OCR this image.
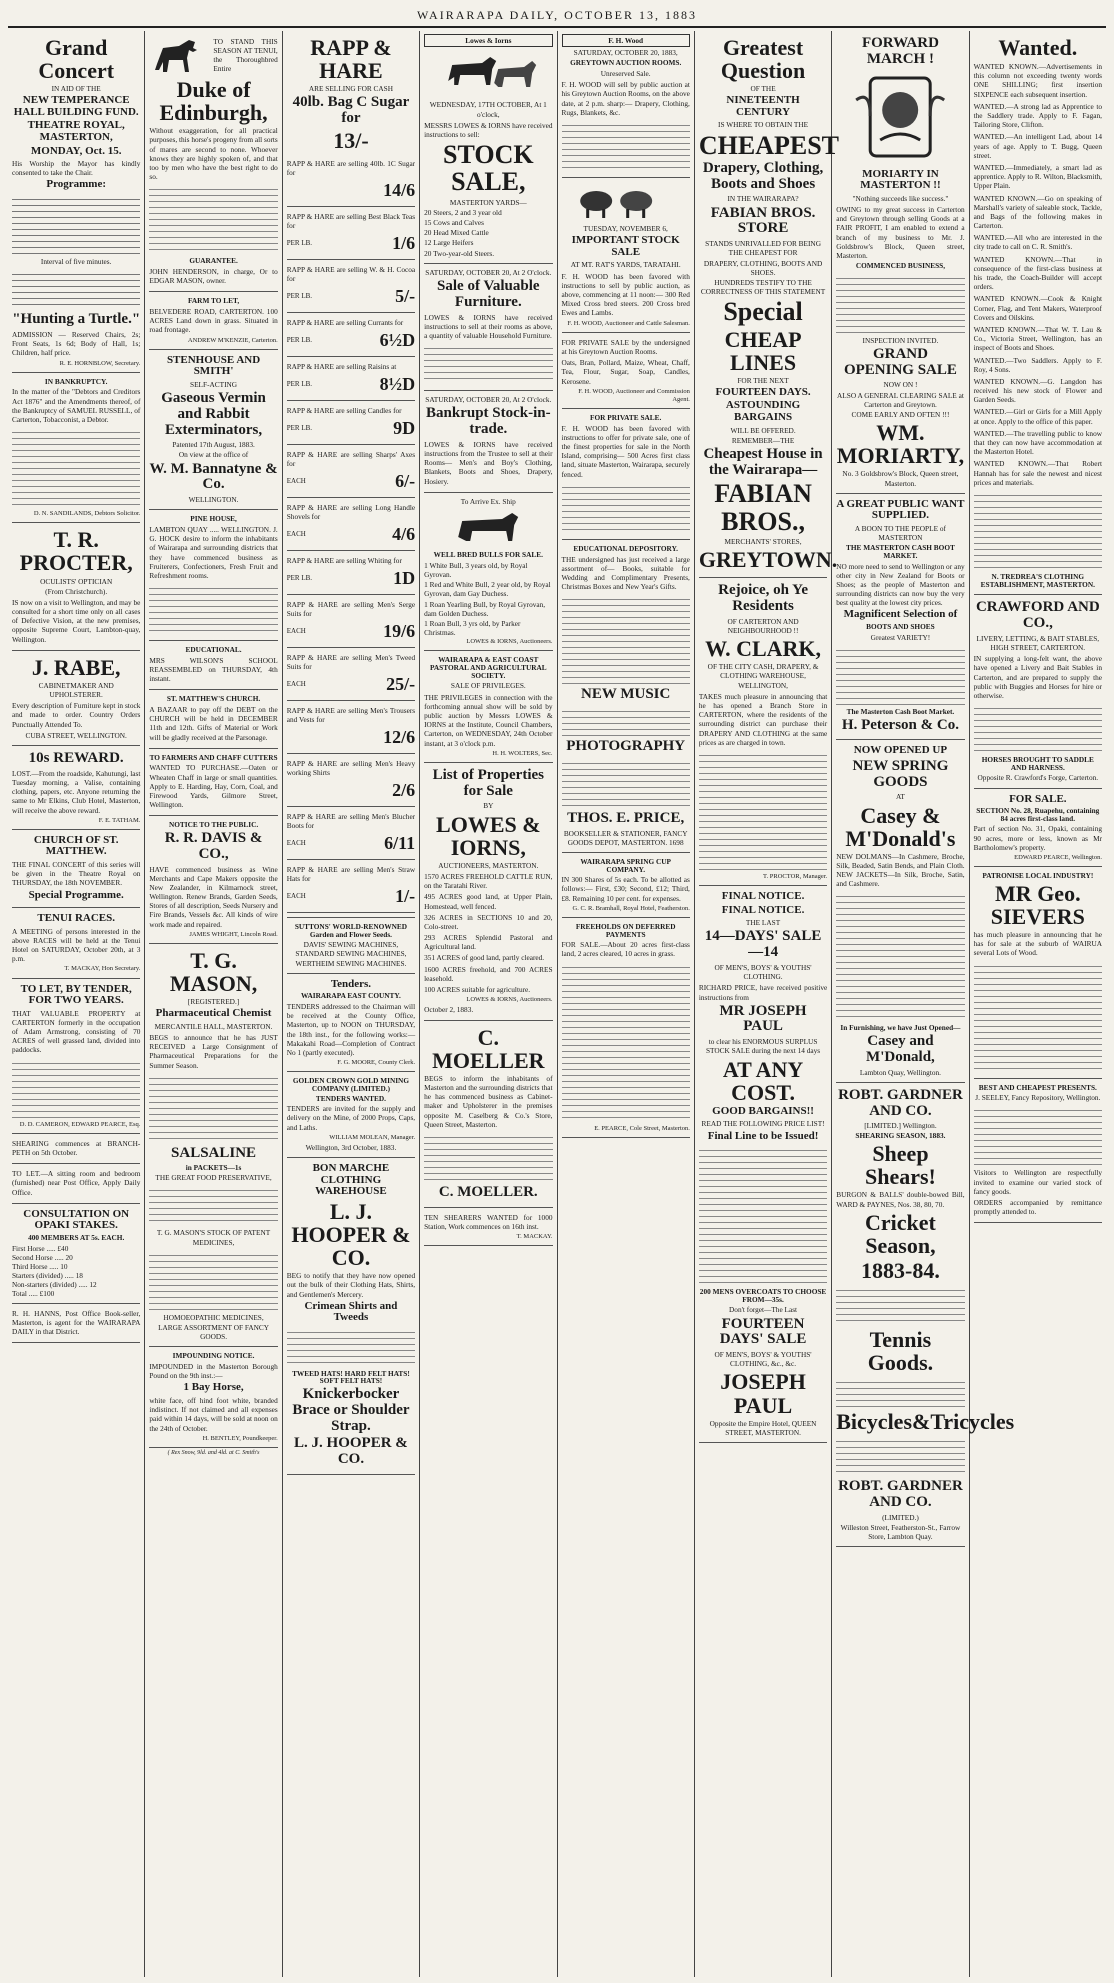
WAIRARAPA DAILY, OCTOBER 13, 1883
Grand Concert
IN AID OF THE
NEW TEMPERANCE HALL BUILDING FUND.
THEATRE ROYAL, MASTERTON,
MONDAY, Oct. 15.
His Worship the Mayor has kindly consented to take the Chair.
Programme:
Interval of five minutes.
"Hunting a Turtle."
ADMISSION — Reserved Chairs, 2s; Front Seats, 1s 6d; Body of Hall, 1s; Children, half price.
R. E. HORNBLOW, Secretary.
IN BANKRUPTCY.
In the matter of the "Debtors and Creditors Act 1876" and the Amendments thereof, of the Bankruptcy of SAMUEL RUSSELL, of Carterton, Tobacconist, a Debtor.
D. N. SANDILANDS, Debtors Solicitor.
T. R. PROCTER,
OCULISTS' OPTICIAN
(From Christchurch).
IS now on a visit to Wellington, and may be consulted for a short time only on all cases of Defective Vision, at the new premises, opposite Supreme Court, Lambton-quay, Wellington.
J. RABE,
CABINETMAKER AND UPHOLSTERER.
Every description of Furniture kept in stock and made to order. Country Orders Punctually Attended To.
CUBA STREET, WELLINGTON.
10s REWARD.
LOST.—From the roadside, Kahutungi, last Tuesday morning, a Valise, containing clothing, papers, etc. Anyone returning the same to Mr Elkins, Club Hotel, Masterton, will receive the above reward.
F. E. TATHAM.
CHURCH OF ST. MATTHEW.
THE FINAL CONCERT of this series will be given in the Theatre Royal on THURSDAY, the 18th NOVEMBER.
Special Programme.
TENUI RACES.
A MEETING of persons interested in the above RACES will be held at the Tenui Hotel on SATURDAY, October 20th, at 3 p.m.
T. MACKAY, Hon Secretary.
TO LET, BY TENDER, FOR TWO YEARS.
THAT VALUABLE PROPERTY at CARTERTON formerly in the occupation of Adam Armstrong, consisting of 70 ACRES of well grassed land, divided into paddocks.
D. D. CAMERON, EDWARD PEARCE, Esq.
SHEARING commences at BRANCH-PETH on 5th October.
TO LET.—A sitting room and bedroom (furnished) near Post Office, Apply Daily Office.
CONSULTATION ON OPAKI STAKES.
400 MEMBERS AT 5s. EACH.
First Horse ..... £40
Second Horse ..... 20
Third Horse ..... 10
Starters (divided) ..... 18
Non-starters (divided) ..... 12
Total ..... £100
R. H. HANNS, Post Office Book-seller, Masterton, is agent for the WAIRARAPA DAILY in that District.
TO STAND THIS SEASON AT TENUI, the Thoroughbred Entire
Duke of Edinburgh,
Without exaggeration, for all practical purposes, this horse's progeny from all sorts of mares are second to none. Whoever knows they are highly spoken of, and that too by men who have the best right to do so.
GUARANTEE.
JOHN HENDERSON, in charge, Or to EDGAR MASON, owner.
FARM TO LET,
BELVEDERE ROAD, CARTERTON. 100 ACRES Land down in grass. Situated in road frontage.
ANDREW M'KENZIE, Carterton.
STENHOUSE AND SMITH'
SELF-ACTING
Gaseous Vermin and Rabbit Exterminators,
Patented 17th August, 1883.
On view at the office of
W. M. Bannatyne & Co.
WELLINGTON.
PINE HOUSE,
LAMBTON QUAY ..... WELLINGTON. J. G. HOCK desire to inform the inhabitants of Wairarapa and surrounding districts that they have commenced business as Fruiterers, Confectioners, Fresh Fruit and Refreshment rooms.
EDUCATIONAL.
MRS WILSON'S SCHOOL REASSEMBLED on THURSDAY, 4th instant.
ST. MATTHEW'S CHURCH.
A BAZAAR to pay off the DEBT on the CHURCH will be held in DECEMBER 11th and 12th. Gifts of Material or Work will be gladly received at the Parsonage.
TO FARMERS AND CHAFF CUTTERS
WANTED TO PURCHASE.—Oaten or Wheaten Chaff in large or small quantities. Apply to E. Harding, Hay, Corn, Coal, and Firewood Yards, Gilmore Street, Wellington.
NOTICE TO THE PUBLIC.
R. R. DAVIS & CO.,
HAVE commenced business as Wine Merchants and Cape Makers opposite the New Zealander, in Kilmarnock street, Wellington. Renew Brands, Garden Seeds, Stores of all description, Seeds Nursery and Fire Brands, Vessels &c. All kinds of wire work made and repaired.
JAMES WHIGHT, Lincoln Road.
T. G. MASON,
[REGISTERED.]
Pharmaceutical Chemist
MERCANTILE HALL, MASTERTON.
BEGS to announce that he has JUST RECEIVED a Large Consignment of Pharmaceutical Preparations for the Summer Season.
SALSALINE
in PACKETS—1s
THE GREAT FOOD PRESERVATIVE,
T. G. MASON'S STOCK OF PATENT MEDICINES,
HOMOEOPATHIC MEDICINES,
LARGE ASSORTMENT OF FANCY GOODS.
IMPOUNDING NOTICE.
IMPOUNDED in the Masterton Borough Pound on the 9th inst.:—
1 Bay Horse,
white face, off hind foot white, branded indistinct. If not claimed and all expenses paid within 14 days, will be sold at noon on the 24th of October.
H. BENTLEY, Poundkeeper.
( Rex Snow, 9ld. and 4ld. at C. Smith's
RAPP & HARE
ARE SELLING FOR CASH
40lb. Bag C Sugar for
13/-
RAPP & HARE are selling 40lb. 1C Sugar for
14/6
RAPP & HARE are selling Best Black Teas for
PER LB.	1/6
RAPP & HARE are selling W. & H. Cocoa for
PER LB.	5/-
RAPP & HARE are selling Currants for
PER LB.	6½D
RAPP & HARE are selling Raisins at
PER LB.	8½D
RAPP & HARE are selling Candles for
PER LB.	9D
RAPP & HARE are selling Sharps' Axes for
EACH	6/-
RAPP & HARE are selling Long Handle Shovels for
EACH	4/6
RAPP & HARE are selling Whiting for
PER LB.	1D
RAPP & HARE are selling Men's Serge Suits for
EACH	19/6
RAPP & HARE are selling Men's Tweed Suits for
EACH	25/-
RAPP & HARE are selling Men's Trousers and Vests for
12/6
RAPP & HARE are selling Men's Heavy working Shirts
2/6
RAPP & HARE are selling Men's Blucher Boots for
EACH	6/11
RAPP & HARE are selling Men's Straw Hats for
EACH	1/-
SUTTONS' WORLD-RENOWNED Garden and Flower Seeds.
DAVIS' SEWING MACHINES, STANDARD SEWING MACHINES, WERTHEIM SEWING MACHINES.
Tenders.
WAIRARAPA EAST COUNTY.
TENDERS addressed to the Chairman will be received at the County Office, Masterton, up to NOON on THURSDAY, the 18th inst., for the following works:— Makakahi Road—Completion of Contract No 1 (partly executed).
F. G. MOORE, County Clerk.
GOLDEN CROWN GOLD MINING COMPANY (LIMITED.)
TENDERS WANTED.
TENDERS are invited for the supply and delivery on the Mine, of 2000 Props, Caps, and Laths.
WILLIAM MOLEAN, Manager.
Wellington, 3rd October, 1883.
BON MARCHE CLOTHING WAREHOUSE
L. J. HOOPER & CO.
BEG to notify that they have now opened out the bulk of their Clothing Hats, Shirts, and Gentlemen's Mercery.
Crimean Shirts and Tweeds
TWEED HATS! HARD FELT HATS! SOFT FELT HATS!
Knickerbocker Brace or Shoulder Strap.
L. J. HOOPER & CO.
Lowes & Iorns
WEDNESDAY, 17TH OCTOBER, At 1 o'clock,
MESSRS LOWES & IORNS have received instructions to sell:
STOCK SALE,
MASTERTON YARDS—
20 Steers, 2 and 3 year old
15 Cows and Calves
20 Head Mixed Cattle
12 Large Heifers
20 Two-year-old Steers.
SATURDAY, OCTOBER 20, At 2 O'clock.
Sale of Valuable Furniture.
LOWES & IORNS have received instructions to sell at their rooms as above, a quantity of valuable Household Furniture.
SATURDAY, OCTOBER 20, At 2 O'clock.
Bankrupt Stock-in-trade.
LOWES & IORNS have received instructions from the Trustee to sell at their Rooms— Men's and Boy's Clothing, Blankets, Boots and Shoes, Drapery, Hosiery.
To Arrive Ex. Ship
WELL BRED BULLS FOR SALE.
1 White Bull, 3 years old, by Royal Gyrovan.
1 Red and White Bull, 2 year old, by Royal Gyrovan, dam Gay Duchess.
1 Roan Yearling Bull, by Royal Gyrovan, dam Golden Duchess.
1 Roan Bull, 3 yrs old, by Parker Christmas.
LOWES & IORNS, Auctioneers.
WAIRARAPA & EAST COAST PASTORAL AND AGRICULTURAL SOCIETY.
SALE OF PRIVILEGES.
THE PRIVILEGES in connection with the forthcoming annual show will be sold by public auction by Messrs LOWES & IORNS at the Institute, Council Chambers, Carterton, on WEDNESDAY, 24th October instant, at 3 o'clock p.m.
H. H. WOLTERS, Sec.
List of Properties for Sale
BY
LOWES & IORNS,
AUCTIONEERS, MASTERTON.
1570 ACRES FREEHOLD CATTLE RUN, on the Taratahi River.
495 ACRES good land, at Upper Plain, Homestead, well fenced.
326 ACRES in SECTIONS 10 and 20, Colo-street.
293 ACRES Splendid Pastoral and Agricultural land.
351 ACRES of good land, partly cleared.
1600 ACRES freehold, and 700 ACRES leasehold.
100 ACRES suitable for agriculture.
LOWES & IORNS, Auctioneers.
October 2, 1883.
C. MOELLER
BEGS to inform the inhabitants of Masterton and the surrounding districts that he has commenced business as Cabinet-maker and Upholsterer in the premises opposite M. Caselberg & Co.'s Store, Queen Street, Masterton.
C. MOELLER.
TEN SHEARERS WANTED for 1000 Station, Work commences on 16th inst.
T. MACKAY.
F. H. Wood
SATURDAY, OCTOBER 20, 1883,
GREYTOWN AUCTION ROOMS.
Unreserved Sale.
F. H. WOOD will sell by public auction at his Greytown Auction Rooms, on the above date, at 2 p.m. sharp:— Drapery, Clothing, Rugs, Blankets, &c.
TUESDAY, NOVEMBER 6,
IMPORTANT STOCK SALE
AT MT. RAT'S YARDS, TARATAHI.
F. H. WOOD has been favored with instructions to sell by public auction, as above, commencing at 11 noon:— 300 Red Mixed Cross bred steers. 200 Cross bred Ewes and Lambs.
F. H. WOOD, Auctioneer and Cattle Salesman.
FOR PRIVATE SALE by the undersigned at his Greytown Auction Rooms.
Oats, Bran, Pollard, Maize, Wheat, Chaff, Tea, Flour, Sugar, Soap, Candles, Kerosene.
F. H. WOOD, Auctioneer and Commission Agent.
FOR PRIVATE SALE.
F. H. WOOD has been favored with instructions to offer for private sale, one of the finest properties for sale in the North Island, comprising— 500 Acres first class land, situate Masterton, Wairarapa, securely fenced.
EDUCATIONAL DEPOSITORY.
THE undersigned has just received a large assortment of— Books, suitable for Wedding and Complimentary Presents, Christmas Boxes and New Year's Gifts.
NEW MUSIC
PHOTOGRAPHY
THOS. E. PRICE,
BOOKSELLER & STATIONER, FANCY GOODS DEPOT, MASTERTON. 1698
WAIRARAPA SPRING CUP COMPANY.
IN 300 Shares of 5s each. To be allotted as follows:— First, £30; Second, £12; Third, £8. Remaining 10 per cent. for expenses.
G. C. R. Bramhall, Royal Hotel, Featherston.
FREEHOLDS ON DEFERRED PAYMENTS
FOR SALE.—About 20 acres first-class land, 2 acres cleared, 10 acres in grass.
E. PEARCE, Cole Street, Masterton.
Greatest Question
OF THE
NINETEENTH CENTURY
IS WHERE TO OBTAIN THE
CHEAPEST
Drapery, Clothing, Boots and Shoes
IN THE WAIRARAPA?
FABIAN BROS. STORE
STANDS UNRIVALLED FOR BEING THE CHEAPEST FOR
DRAPERY, CLOTHING, BOOTS AND SHOES.
HUNDREDS TESTIFY TO THE CORRECTNESS OF THIS STATEMENT
Special
CHEAP LINES
FOR THE NEXT
FOURTEEN DAYS.
ASTOUNDING BARGAINS
WILL BE OFFERED.
REMEMBER—THE
Cheapest House in the Wairarapa—
FABIAN BROS.,
MERCHANTS' STORES,
GREYTOWN.
Rejoice, oh Ye Residents
OF CARTERTON AND NEIGHBOURHOOD !!
W. CLARK,
OF THE CITY CASH, DRAPERY, & CLOTHING WAREHOUSE, WELLINGTON,
TAKES much pleasure in announcing that he has opened a Branch Store in CARTERTON, where the residents of the surrounding district can purchase their DRAPERY AND CLOTHING at the same prices as are charged in town.
T. PROCTOR, Manager.
FINAL NOTICE.
FINAL NOTICE.
THE LAST
14—DAYS' SALE—14
OF MEN'S, BOYS' & YOUTHS' CLOTHING.
RICHARD PRICE, have received positive instructions from
MR JOSEPH PAUL
to clear his ENORMOUS SURPLUS STOCK SALE during the next 14 days
AT ANY COST.
GOOD BARGAINS!!
READ THE FOLLOWING PRICE LIST!
Final Line to be Issued!
200 MENS OVERCOATS TO CHOOSE FROM—35s.
Don't forget—The Last
FOURTEEN DAYS' SALE
OF MEN'S, BOYS' & YOUTHS' CLOTHING, &c., &c.
JOSEPH PAUL
Opposite the Empire Hotel, QUEEN STREET, MASTERTON.
FORWARD MARCH !
MORIARTY IN MASTERTON !!
"Nothing succeeds like success."
OWING to my great success in Carterton and Greytown through selling Goods at a FAIR PROFIT, I am enabled to extend a branch of my business to Mr. J. Goldsbrow's Block, Queen street, Masterton.
COMMENCED BUSINESS,
INSPECTION INVITED.
GRAND OPENING SALE
NOW ON !
ALSO A GENERAL CLEARING SALE at Carterton and Greytown.
COME EARLY AND OFTEN !!!
WM. MORIARTY,
No. 3 Goldsbrow's Block, Queen street, Masterton.
A GREAT PUBLIC WANT SUPPLIED.
A BOON TO THE PEOPLE of MASTERTON
THE MASTERTON CASH BOOT MARKET.
NO more need to send to Wellington or any other city in New Zealand for Boots or Shoes; as the people of Masterton and surrounding districts can now buy the very best quality at the lowest city prices.
Magnificent Selection of
BOOTS AND SHOES
Greatest VARIETY!
The Masterton Cash Boot Market.
H. Peterson & Co.
NOW OPENED UP
NEW SPRING GOODS
AT
Casey & M'Donald's
NEW DOLMANS—In Cashmere, Broche, Silk, Beaded, Satin Bends, and Plain Cloth. NEW JACKETS—In Silk, Broche, Satin, and Cashmere.
In Furnishing, we have Just Opened—
Casey and M'Donald,
Lambton Quay, Wellington.
ROBT. GARDNER AND CO.
[LIMITED.] Wellington.
SHEARING SEASON, 1883.
Sheep Shears!
BURGON & BALLS' double-bowed Bill, WARD & PAYNES, Nos. 38, 80, 70.
Cricket Season,
1883-84.
Tennis Goods.
Bicycles&Tricycles
ROBT. GARDNER AND CO.
(LIMITED.)
Willeston Street, Featherston-St., Farrow Store, Lambton Quay.
Wanted.
WANTED KNOWN.—Advertisements in this column not exceeding twenty words ONE SHILLING; first insertion SIXPENCE each subsequent insertion.
WANTED.—A strong lad as Apprentice to the Saddlery trade. Apply to F. Fagan, Tailoring Store, Clifton.
WANTED.—An intelligent Lad, about 14 years of age. Apply to T. Bugg, Queen street.
WANTED.—Immediately, a smart lad as apprentice. Apply to R. Wilton, Blacksmith, Upper Plain.
WANTED KNOWN.—Go on speaking of Marshall's variety of saleable stock, Tackle, and Bags of the following makes in Carterton.
WANTED.—All who are interested in the city trade to call on C. R. Smith's.
WANTED KNOWN.—That in consequence of the first-class business at his trade, the Coach-Builder will accept orders.
WANTED KNOWN.—Cook & Knight Corner, Flag, and Tent Makers, Waterproof Covers and Oilskins.
WANTED KNOWN.—That W. T. Lau & Co., Victoria Street, Wellington, has an inspect of Boots and Shoes.
WANTED.—Two Saddlers. Apply to F. Roy, 4 Sons.
WANTED KNOWN.—G. Langdon has received his new stock of Flower and Garden Seeds.
WANTED.—Girl or Girls for a Mill Apply at once. Apply to the office of this paper.
WANTED.—The travelling public to know that they can now have accommodation at the Masterton Hotel.
WANTED KNOWN.—That Robert Hannah has for sale the newest and nicest prices and materials.
N. TREDREA'S CLOTHING ESTABLISHMENT, MASTERTON.
CRAWFORD AND CO.,
LIVERY, LETTING, & BAIT STABLES, HIGH STREET, CARTERTON.
IN supplying a long-felt want, the above have opened a Livery and Bait Stables in Carterton, and are prepared to supply the public with Buggies and Horses for hire or otherwise.
HORSES BROUGHT TO SADDLE AND HARNESS.
Opposite R. Crawford's Forge, Carterton.
FOR SALE.
SECTION No. 28, Ruapehu, containing 84 acres first-class land.
Part of section No. 31, Opaki, containing 90 acres, more or less, known as Mr Bartholomew's property.
EDWARD PEARCE, Wellington.
PATRONISE LOCAL INDUSTRY!
MR Geo. SIEVERS
has much pleasure in announcing that he has for sale at the suburb of WAIRUA several Lots of Wood.
BEST AND CHEAPEST PRESENTS.
J. SEELEY, Fancy Repository, Wellington.
Visitors to Wellington are respectfully invited to examine our varied stock of fancy goods.
ORDERS accompanied by remittance promptly attended to.
